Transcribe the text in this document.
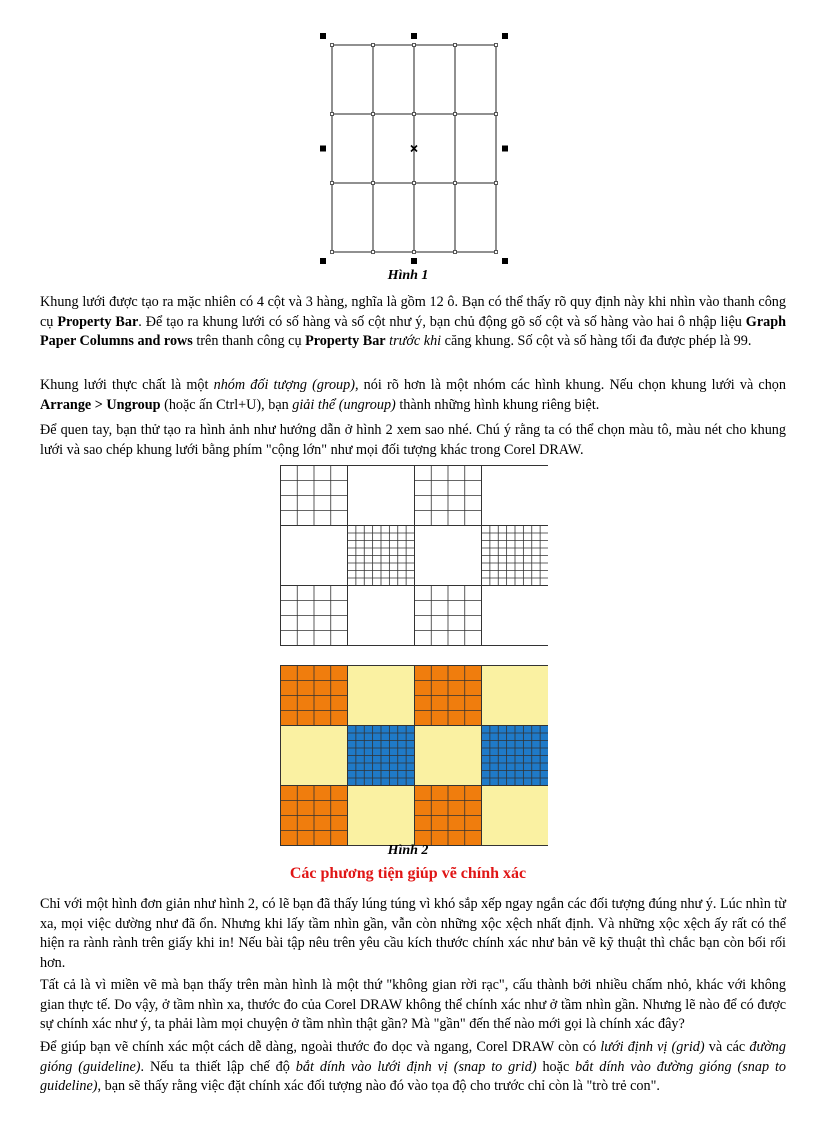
Hình 1

Khung lưới được tạo ra mặc nhiên có 4 cột và 3 hàng, nghĩa là gồm 12 ô. Bạn có thể thấy rõ quy định này khi nhìn vào thanh công cụ Property Bar. Để tạo ra khung lưới có số hàng và số cột như ý, bạn chủ động gõ số cột và số hàng vào hai ô nhập liệu Graph Paper Columns and rows trên thanh công cụ Property Bar trước khi căng khung. Số cột và số hàng tối đa được phép là 99.

Khung lưới thực chất là một nhóm đối tượng (group), nói rõ hơn là một nhóm các hình khung. Nếu chọn khung lưới và chọn Arrange > Ungroup (hoặc ấn Ctrl+U), bạn giải thể (ungroup) thành những hình khung riêng biệt.

Để quen tay, bạn thử tạo ra hình ảnh như hướng dẫn ở hình 2 xem sao nhé. Chú ý rằng ta có thể chọn màu tô, màu nét cho khung lưới và sao chép khung lưới bằng phím "cộng lớn" như mọi đối tượng khác trong Corel DRAW.

Hình 2
Các phương tiện giúp vẽ chính xác

Chỉ với một hình đơn giản như hình 2, có lẽ bạn đã thấy lúng túng vì khó sắp xếp ngay ngắn các đối tượng đúng như ý. Lúc nhìn từ xa, mọi việc dường như đã ổn. Nhưng khi lấy tầm nhìn gần, vẫn còn những xộc xệch nhất định. Và những xộc xệch ấy rất có thể hiện ra rành rành trên giấy khi in! Nếu bài tập nêu trên yêu cầu kích thước chính xác như bản vẽ kỹ thuật thì chắc bạn còn bối rối hơn.

Tất cả là vì miền vẽ mà bạn thấy trên màn hình là một thứ "không gian rời rạc", cấu thành bởi nhiều chấm nhỏ, khác với không gian thực tế. Do vậy, ở tầm nhìn xa, thước đo của Corel DRAW không thể chính xác như ở tầm nhìn gần. Nhưng lẽ nào để có được sự chính xác như ý, ta phải làm mọi chuyện ở tầm nhìn thật gần? Mà "gần" đến thế nào mới gọi là chính xác đây?

Để giúp bạn vẽ chính xác một cách dễ dàng, ngoài thước đo dọc và ngang, Corel DRAW còn có lưới định vị (grid) và các đường gióng (guideline). Nếu ta thiết lập chế độ bắt dính vào lưới định vị (snap to grid) hoặc bắt dính vào đường gióng (snap to guideline), bạn sẽ thấy rằng việc đặt chính xác đối tượng nào đó vào tọa độ cho trước chỉ còn là "trò trẻ con".
